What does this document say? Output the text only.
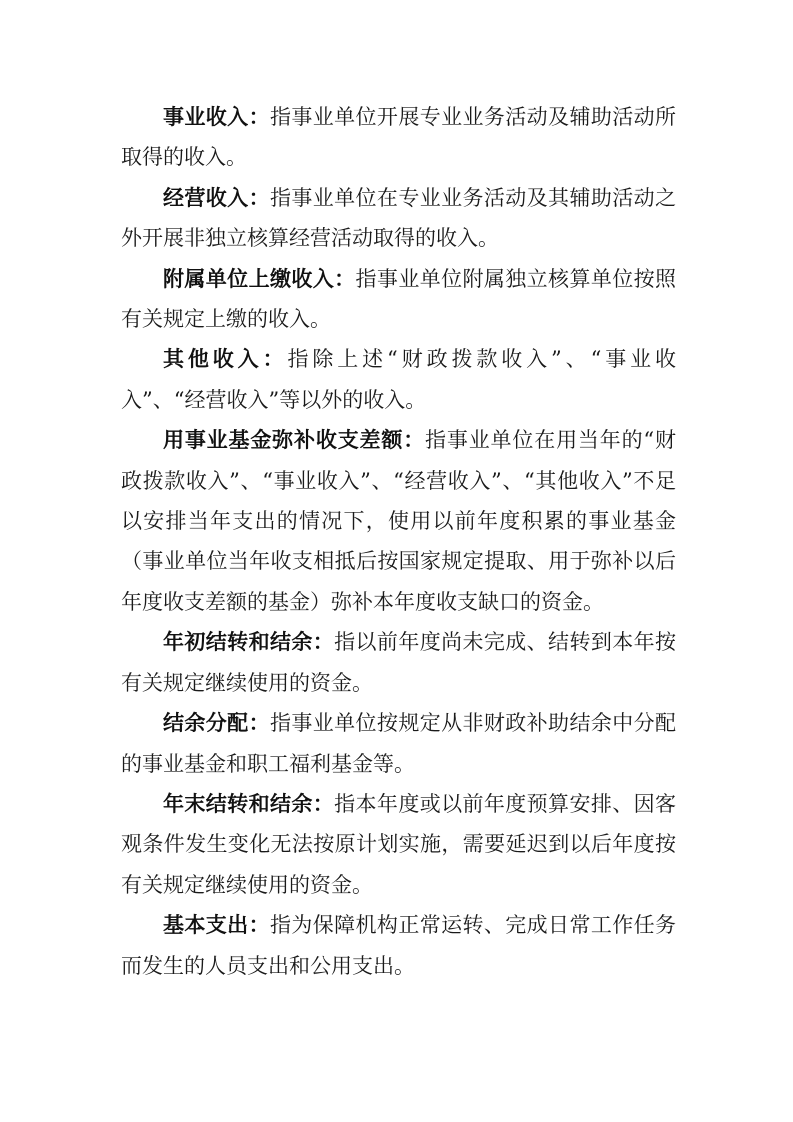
事业收入：指事业单位开展专业业务活动及辅助活动所取得的收入。

经营收入：指事业单位在专业业务活动及其辅助活动之外开展非独立核算经营活动取得的收入。

附属单位上缴收入：指事业单位附属独立核算单位按照有关规定上缴的收入。

其他收入：指除上述“财政拨款收入”、“事业收入”、“经营收入”等以外的收入。

用事业基金弥补收支差额：指事业单位在用当年的“财政拨款收入”、“事业收入”、“经营收入”、“其他收入”不足以安排当年支出的情况下，使用以前年度积累的事业基金（事业单位当年收支相抵后按国家规定提取、用于弥补以后年度收支差额的基金）弥补本年度收支缺口的资金。

年初结转和结余：指以前年度尚未完成、结转到本年按有关规定继续使用的资金。

结余分配：指事业单位按规定从非财政补助结余中分配的事业基金和职工福利基金等。

年末结转和结余：指本年度或以前年度预算安排、因客观条件发生变化无法按原计划实施，需要延迟到以后年度按有关规定继续使用的资金。

基本支出：指为保障机构正常运转、完成日常工作任务而发生的人员支出和公用支出。
